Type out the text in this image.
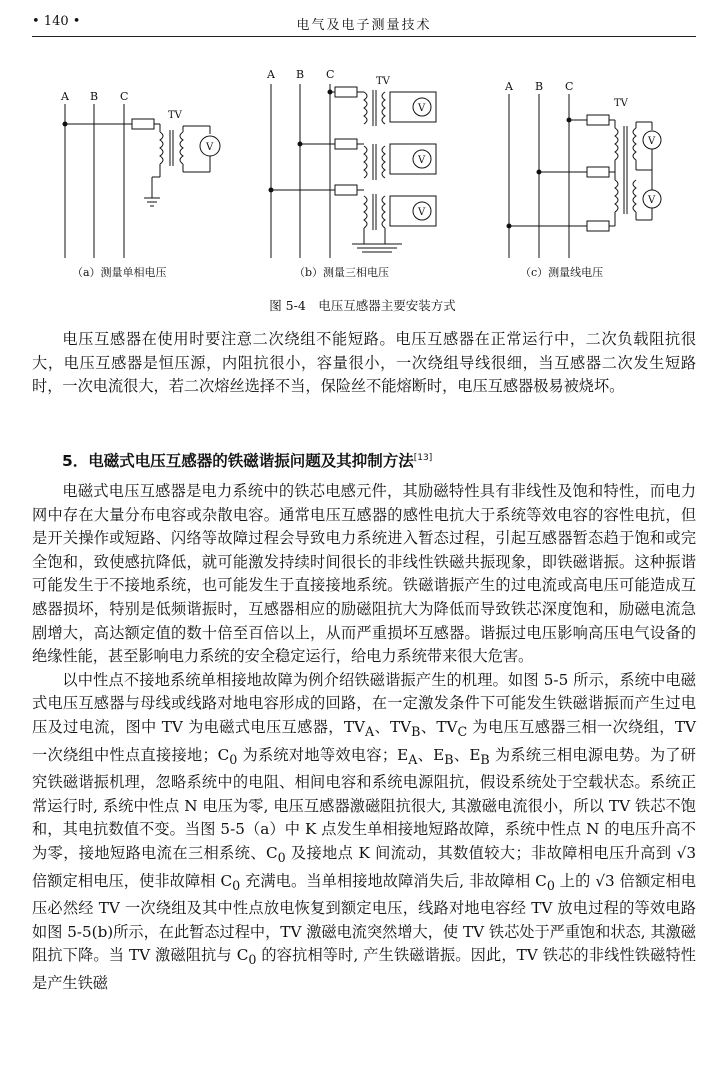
• 140 •	电气及电子测量技术
A B C
V
TV
A B C
TV
V
V
V
A B C
TV
V
V
（a）测量单相电压	（b）测量三相电压	（c）测量线电压
图 5-4　电压互感器主要安装方式

电压互感器在使用时要注意二次绕组不能短路。电压互感器在正常运行中，二次负载阻抗很大，电压互感器是恒压源，内阻抗很小，容量很小，一次绕组导线很细，当互感器二次发生短路时，一次电流很大，若二次熔丝选择不当，保险丝不能熔断时，电压互感器极易被烧坏。

5．电磁式电压互感器的铁磁谐振问题及其抑制方法[13]

电磁式电压互感器是电力系统中的铁芯电感元件，其励磁特性具有非线性及饱和特性，而电力网中存在大量分布电容或杂散电容。通常电压互感器的感性电抗大于系统等效电容的容性电抗，但是开关操作或短路、闪络等故障过程会导致电力系统进入暂态过程，引起互感器暂态趋于饱和或完全饱和，致使感抗降低，就可能激发持续时间很长的非线性铁磁共振现象，即铁磁谐振。这种振谐可能发生于不接地系统，也可能发生于直接接地系统。铁磁谐振产生的过电流或高电压可能造成互感器损坏，特别是低频谐振时，互感器相应的励磁阻抗大为降低而导致铁芯深度饱和，励磁电流急剧增大，高达额定值的数十倍至百倍以上，从而严重损坏互感器。谐振过电压影响高压电气设备的绝缘性能，甚至影响电力系统的安全稳定运行，给电力系统带来很大危害。

以中性点不接地系统单相接地故障为例介绍铁磁谐振产生的机理。如图 5-5 所示，系统中电磁式电压互感器与母线或线路对地电容形成的回路，在一定激发条件下可能发生铁磁谐振而产生过电压及过电流，图中 TV 为电磁式电压互感器，$TV_A$、$TV_B$、$TV_C$ 为电压互感器三相一次绕组，TV 一次绕组中性点直接接地；$C_0$ 为系统对地等效电容；$E_A$、$E_B$、$E_B$ 为系统三相电源电势。为了研究铁磁谐振机理，忽略系统中的电阻、相间电容和系统电源阻抗，假设系统处于空载状态。系统正常运行时, 系统中性点 N 电压为零, 电压互感器激磁阻抗很大, 其激磁电流很小，所以 TV 铁芯不饱和，其电抗数值不变。当图 5-5（a）中 K 点发生单相接地短路故障，系统中性点 N 的电压升高不为零，接地短路电流在三相系统、$C_0$ 及接地点 K 间流动，其数值较大；非故障相电压升高到 √3 倍额定相电压，使非故障相 $C_0$ 充满电。当单相接地故障消失后, 非故障相 $C_0$ 上的 √3 倍额定相电压必然经 TV 一次绕组及其中性点放电恢复到额定电压，线路对地电容经 TV 放电过程的等效电路如图 5-5(b)所示，在此暂态过程中，TV 激磁电流突然增大，使 TV 铁芯处于严重饱和状态, 其激磁阻抗下降。当 TV 激磁阻抗与 $C_0$ 的容抗相等时, 产生铁磁谐振。因此，TV 铁芯的非线性铁磁特性是产生铁磁
